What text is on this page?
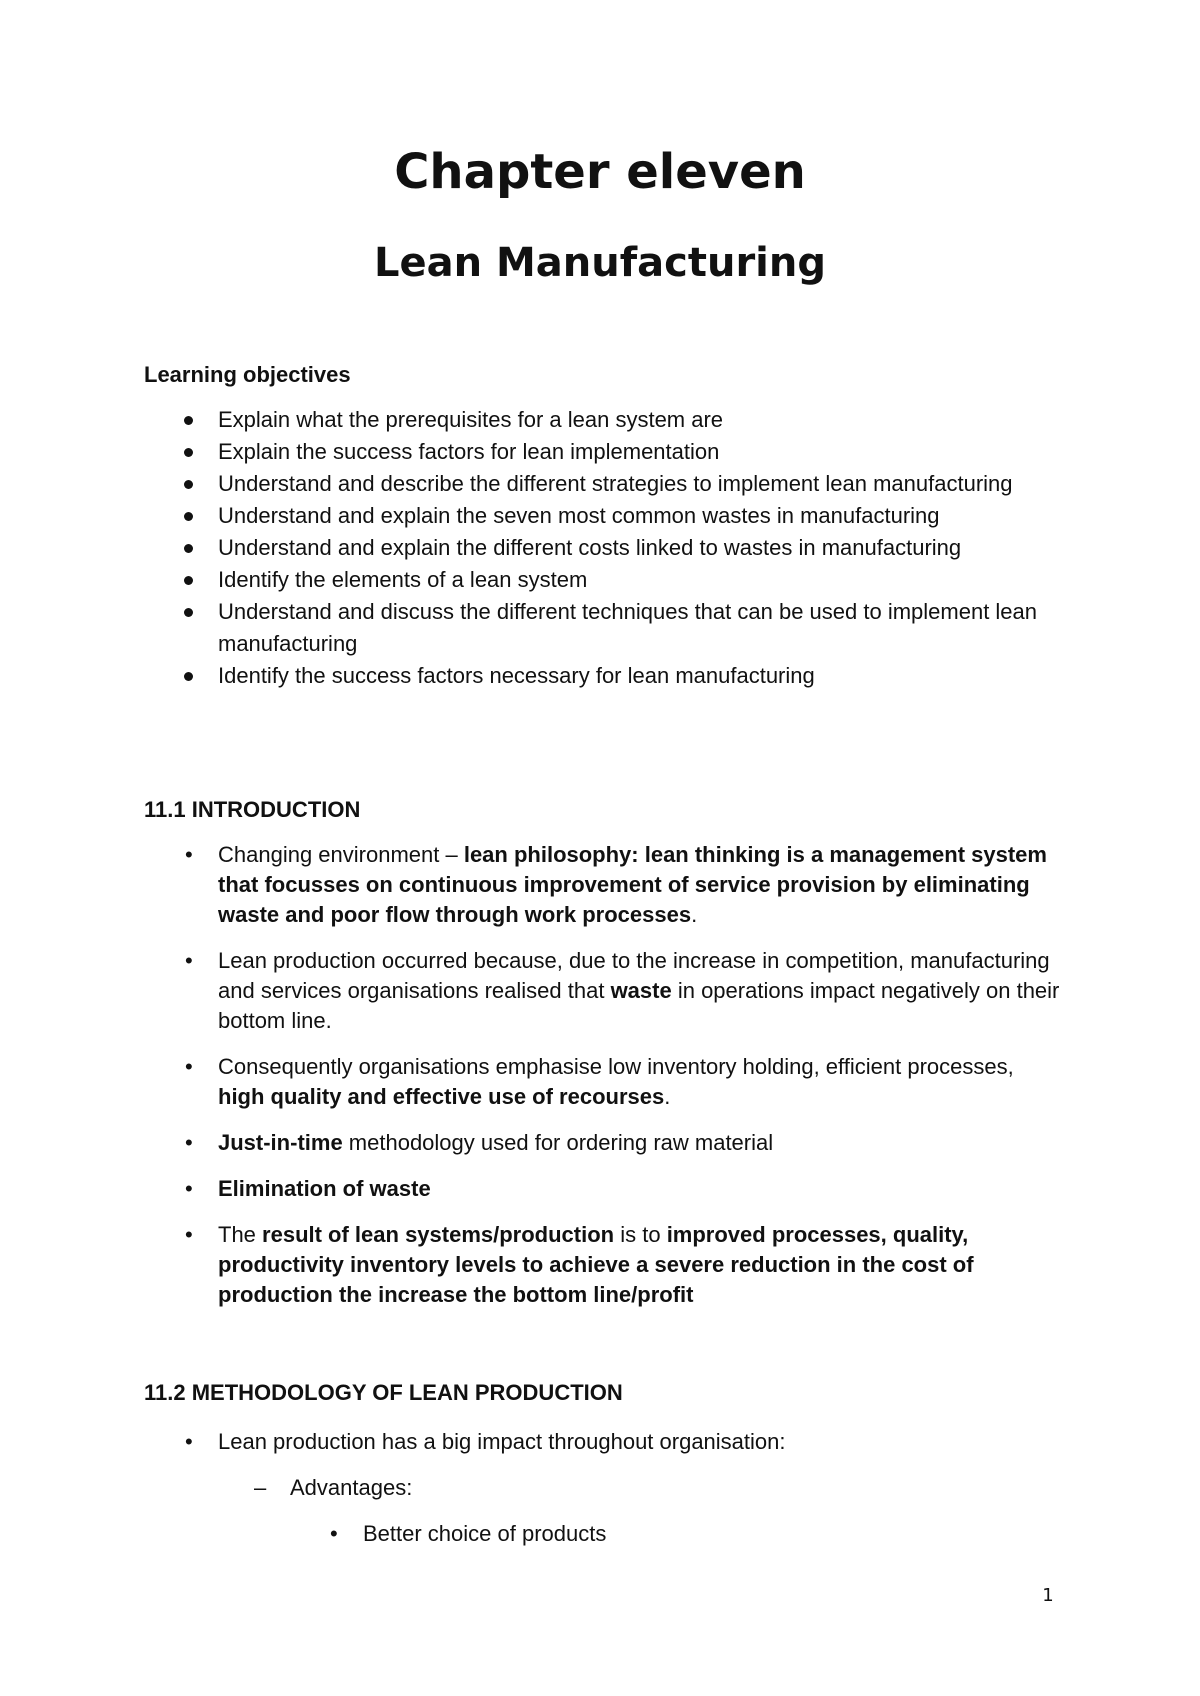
Chapter eleven
Lean Manufacturing
Learning objectives
Explain what the prerequisites for a lean system are
Explain the success factors for lean implementation
Understand and describe the different strategies to implement lean manufacturing
Understand and explain the seven most common wastes in manufacturing
Understand and explain the different costs linked to wastes in manufacturing
Identify the elements of a lean system
Understand and discuss the different techniques that can be used to implement lean manufacturing
Identify the success factors necessary for lean manufacturing
11.1 INTRODUCTION
• Changing environment – lean philosophy: lean thinking is a management system that focusses on continuous improvement of service provision by eliminating waste and poor flow through work processes.
• Lean production occurred because, due to the increase in competition, manufacturing and services organisations realised that waste in operations impact negatively on their bottom line.
• Consequently organisations emphasise low inventory holding, efficient processes, high quality and effective use of recourses.
• Just-in-time methodology used for ordering raw material
• Elimination of waste
• The result of lean systems/production is to improved processes, quality, productivity inventory levels to achieve a severe reduction in the cost of production the increase the bottom line/profit
11.2 METHODOLOGY OF LEAN PRODUCTION
• Lean production has a big impact throughout organisation:
– Advantages:
• Better choice of products
1
